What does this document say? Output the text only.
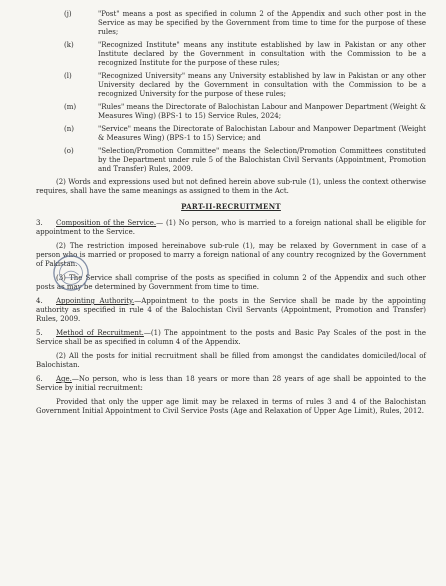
(j)	"Post" means a post as specified in column 2 of the Appendix and such other post in the Service as may be specified by the Government from time to time for the purpose of these rules;
(k)	"Recognized Institute" means any institute established by law in Pakistan or any other Institute declared by the Government in consultation with the Commission to be a recognized Institute for the purpose of these rules;
(l)	"Recognized University" means any University established by law in Pakistan or any other University declared by the Government in consultation with the Commission to be a recognized University for the purpose of these rules;
(m)	"Rules" means the Directorate of Balochistan Labour and Manpower Department (Weight & Measures Wing) (BPS-1 to 15) Service Rules, 2024;
(n)	"Service" means the Directorate of Balochistan Labour and Manpower Department (Weight & Measures Wing) (BPS-1 to 15) Service; and
(o)	"Selection/Promotion Committee" means the Selection/Promotion Committees constituted by the Department under rule 5 of the Balochistan Civil Servants (Appointment, Promotion and Transfer) Rules, 2009.
(2) Words and expressions used but not defined herein above sub-rule (1), unless the context otherwise requires, shall have the same meanings as assigned to them in the Act.
PART-II-RECRUITMENT
3. Composition of the Service.— (1) No person, who is married to a foreign national shall be eligible for appointment to the Service.
(2) The restriction imposed hereinabove sub-rule (1), may be relaxed by Government in case of a person who is married or proposed to marry a foreign national of any country recognized by the Government of Pakistan.
(3) The Service shall comprise of the posts as specified in column 2 of the Appendix and such other posts as may be determined by Government from time to time.
4. Appointing Authority.—Appointment to the posts in the Service shall be made by the appointing authority as specified in rule 4 of the Balochistan Civil Servants (Appointment, Promotion and Transfer) Rules, 2009.
5. Method of Recruitment.—(1) The appointment to the posts and Basic Pay Scales of the post in the Service shall be as specified in column 4 of the Appendix.
(2) All the posts for initial recruitment shall be filled from amongst the candidates domiciled/local of Balochistan.
6. Age.—No person, who is less than 18 years or more than 28 years of age shall be appointed to the Service by initial recruitment:
Provided that only the upper age limit may be relaxed in terms of rules 3 and 4 of the Balochistan Government Initial Appointment to Civil Service Posts (Age and Relaxation of Upper Age Limit), Rules, 2012.
